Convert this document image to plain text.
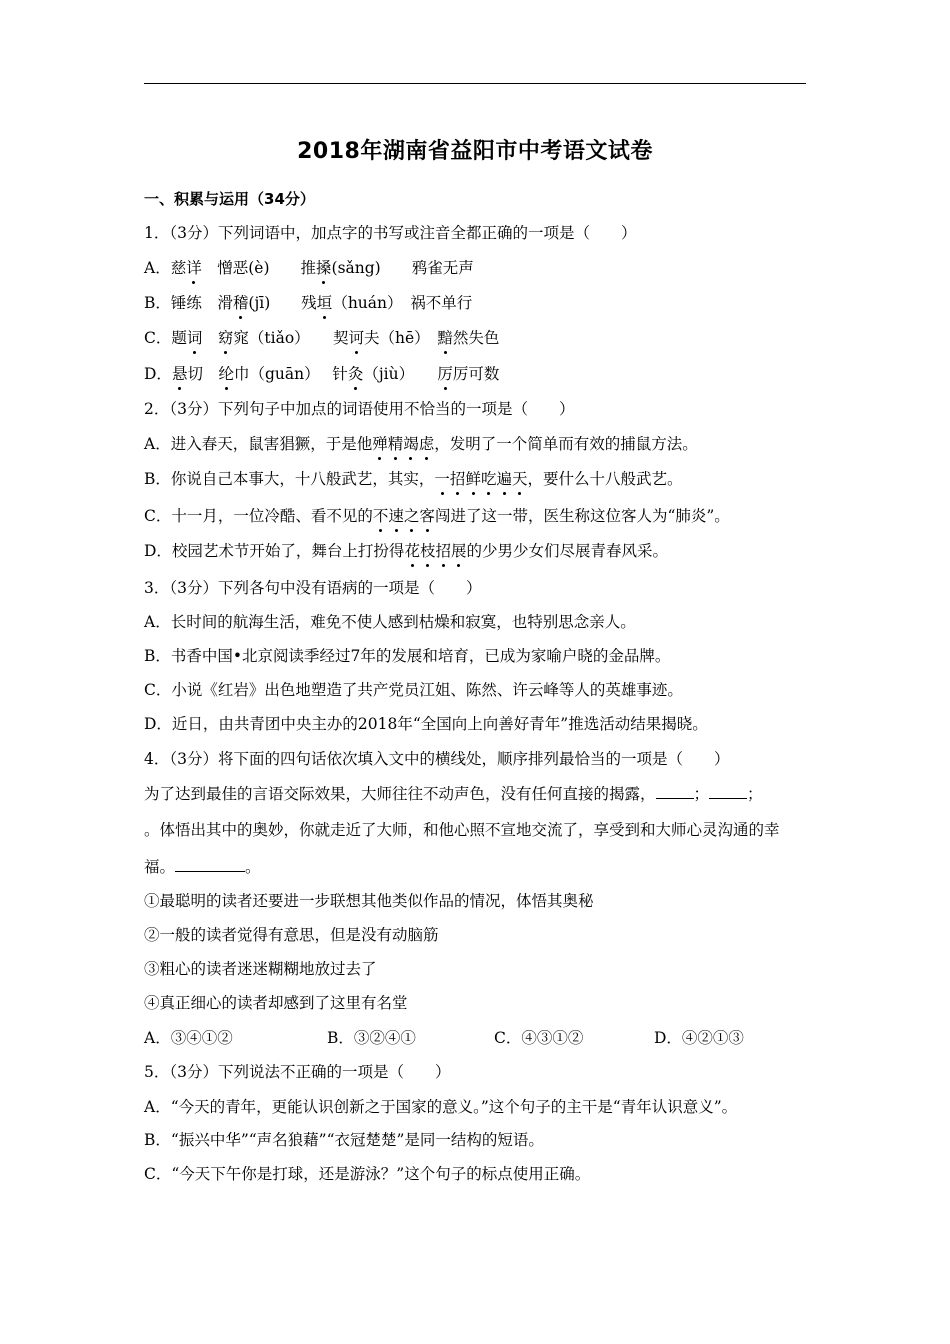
2018年湖南省益阳市中考语文试卷
一、积累与运用（34分）
1．（3分）下列词语中，加点字的书写或注音全都正确的一项是（　　）
A．慈详　憎恶(è)　　推搡(sǎng)　　鸦雀无声
B．锤练　滑稽(jī)　　残垣（huán）　祸不单行
C．题词　 窈窕（tiǎo）　　契诃夫（hē）　 黯然失色
D．悬切　纶巾（guān）　 针灸（jiù）　　 厉厉可数
2．（3分）下列句子中加点的词语使用不恰当的一项是（　　）
A．进入春天，鼠害猖獗，于是他殚精竭虑，发明了一个简单而有效的捕鼠方法。
B．你说自己本事大，十八般武艺，其实，一招鲜吃遍天，要什么十八般武艺。
C．十一月，一位冷酷、看不见的不速之客闯进了这一带，医生称这位客人为“肺炎”。
D．校园艺术节开始了，舞台上打扮得花枝招展的少男少女们尽展青春风采。
3．（3分）下列各句中没有语病的一项是（　　）
A．长时间的航海生活，难免不使人感到枯燥和寂寞，也特别思念亲人。
B．书香中国•北京阅读季经过7年的发展和培育，已成为家喻户晓的金品牌。
C．小说《红岩》出色地塑造了共产党员江姐、陈然、许云峰等人的英雄事迹。
D．近日，由共青团中央主办的2018年“全国向上向善好青年”推选活动结果揭晓。
4．（3分）将下面的四句话依次填入文中的横线处，顺序排列最恰当的一项是（　　）
为了达到最佳的言语交际效果，大师往往不动声色，没有任何直接的揭露， ； ；
。体悟出其中的奥妙，你就走近了大师，和他心照不宣地交流了，享受到和大师心灵沟通的幸
福。	。
①最聪明的读者还要进一步联想其他类似作品的情况，体悟其奥秘
②一般的读者觉得有意思，但是没有动脑筋
③粗心的读者迷迷糊糊地放过去了
④真正细心的读者却感到了这里有名堂
A．③④①②	B．③②④①	C．④③①②	D．④②①③
5．（3分）下列说法不正确的一项是（　　）
A．“今天的青年，更能认识创新之于国家的意义。”这个句子的主干是“青年认识意义”。
B．“振兴中华”“声名狼藉”“衣冠楚楚”是同一结构的短语。
C．“今天下午你是打球，还是游泳？”这个句子的标点使用正确。
